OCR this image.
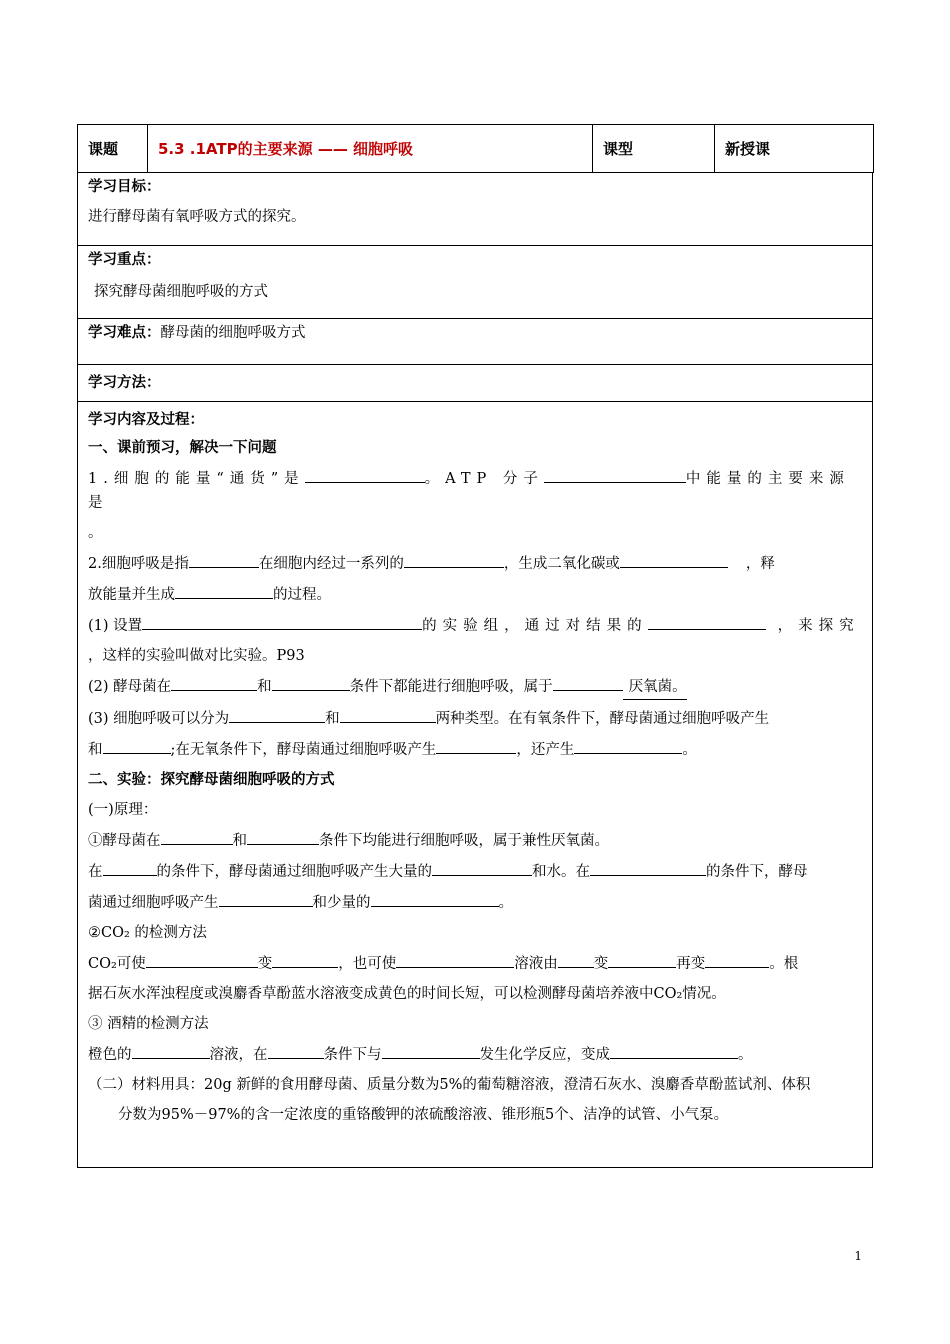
课题	5.3 .1ATP的主要来源 —— 细胞呼吸	课型	新授课
学习目标：
进行酵母菌有氧呼吸方式的探究。
学习重点：
探究酵母菌细胞呼吸的方式
学习难点：酵母菌的细胞呼吸方式
学习方法：
学习内容及过程：
一、课前预习，解决一下问题
1.细胞的能量“通货”是	。ATP 分子	中能量的主要来源是
。
2.细胞呼吸是指	在细胞内经过一系列的	，生成二氧化碳或	，释
放能量并生成	的过程。
(1) 设置	的实验组，通过对结果的	，来探究
，这样的实验叫做对比实验。P93
(2) 酵母菌在	和	条件下都能进行细胞呼吸，属于	厌氧菌。
(3) 细胞呼吸可以分为	和	两种类型。在有氧条件下，酵母菌通过细胞呼吸产生
和	;在无氧条件下，酵母菌通过细胞呼吸产生	，还产生	。
二、实验：探究酵母菌细胞呼吸的方式
(一)原理：
①酵母菌在	和	条件下均能进行细胞呼吸，属于兼性厌氧菌。
在	的条件下，酵母菌通过细胞呼吸产生大量的	和水。在	的条件下，酵母
菌通过细胞呼吸产生	和少量的	。
②CO₂ 的检测方法
CO₂可使	变	，也可使	溶液由 变	再变	。根
据石灰水浑浊程度或溴麝香草酚蓝水溶液变成黄色的时间长短，可以检测酵母菌培养液中CO₂情况。
③ 酒精的检测方法
橙色的	溶液，在	条件下与	发生化学反应，变成	。
（二）材料用具：20g 新鲜的食用酵母菌、质量分数为5%的葡萄糖溶液，澄清石灰水、溴麝香草酚蓝试剂、体积
分数为95%－97%的含一定浓度的重铬酸钾的浓硫酸溶液、锥形瓶5个、洁净的试管、小气泵。
1
